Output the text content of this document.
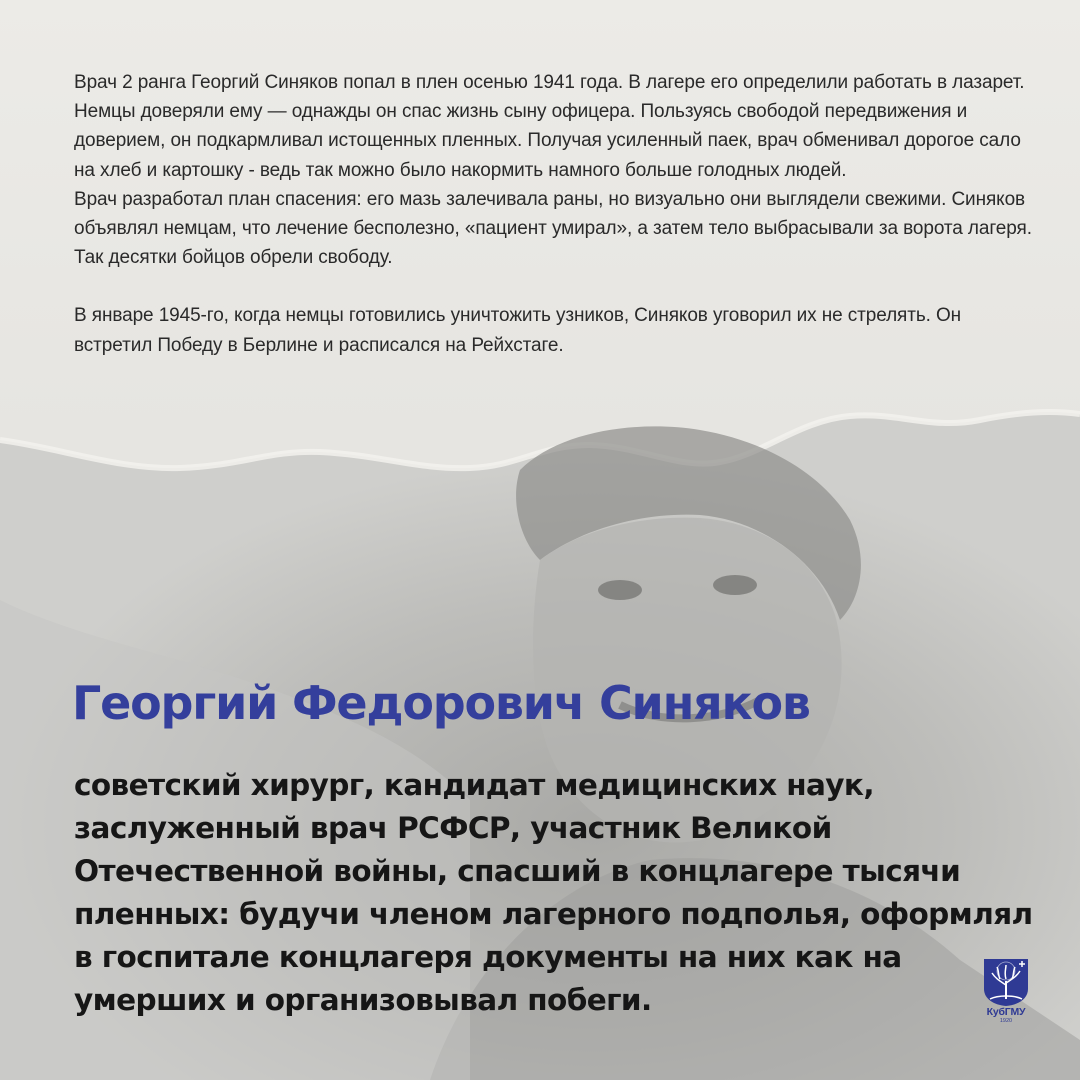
Врач 2 ранга Георгий Синяков попал в плен осенью 1941 года. В лагере его определили работать в лазарет. Немцы доверяли ему — однажды он спас жизнь сыну офицера. Пользуясь свободой передвижения и доверием, он подкармливал истощенных пленных. Получая усиленный паек, врач обменивал дорогое сало на хлеб и картошку - ведь так можно было накормить намного больше голодных людей.

Врач разработал план спасения: его мазь залечивала раны, но визуально они выглядели свежими. Синяков объявлял немцам, что лечение бесполезно, «пациент умирал», а затем тело выбрасывали за ворота лагеря. Так десятки бойцов обрели свободу.

В январе 1945-го, когда немцы готовились уничтожить узников, Синяков уговорил их не стрелять. Он встретил Победу в Берлине и расписался на Рейхстаге.

Георгий Федорович Синяков

советский хирург, кандидат медицинских наук, заслуженный врач РСФСР, участник Великой Отечественной войны, спасший в концлагере тысячи пленных: будучи членом лагерного подполья, оформлял в госпитале концлагеря документы на них как на умерших и организовывал побеги.	КубГМУ
1920
